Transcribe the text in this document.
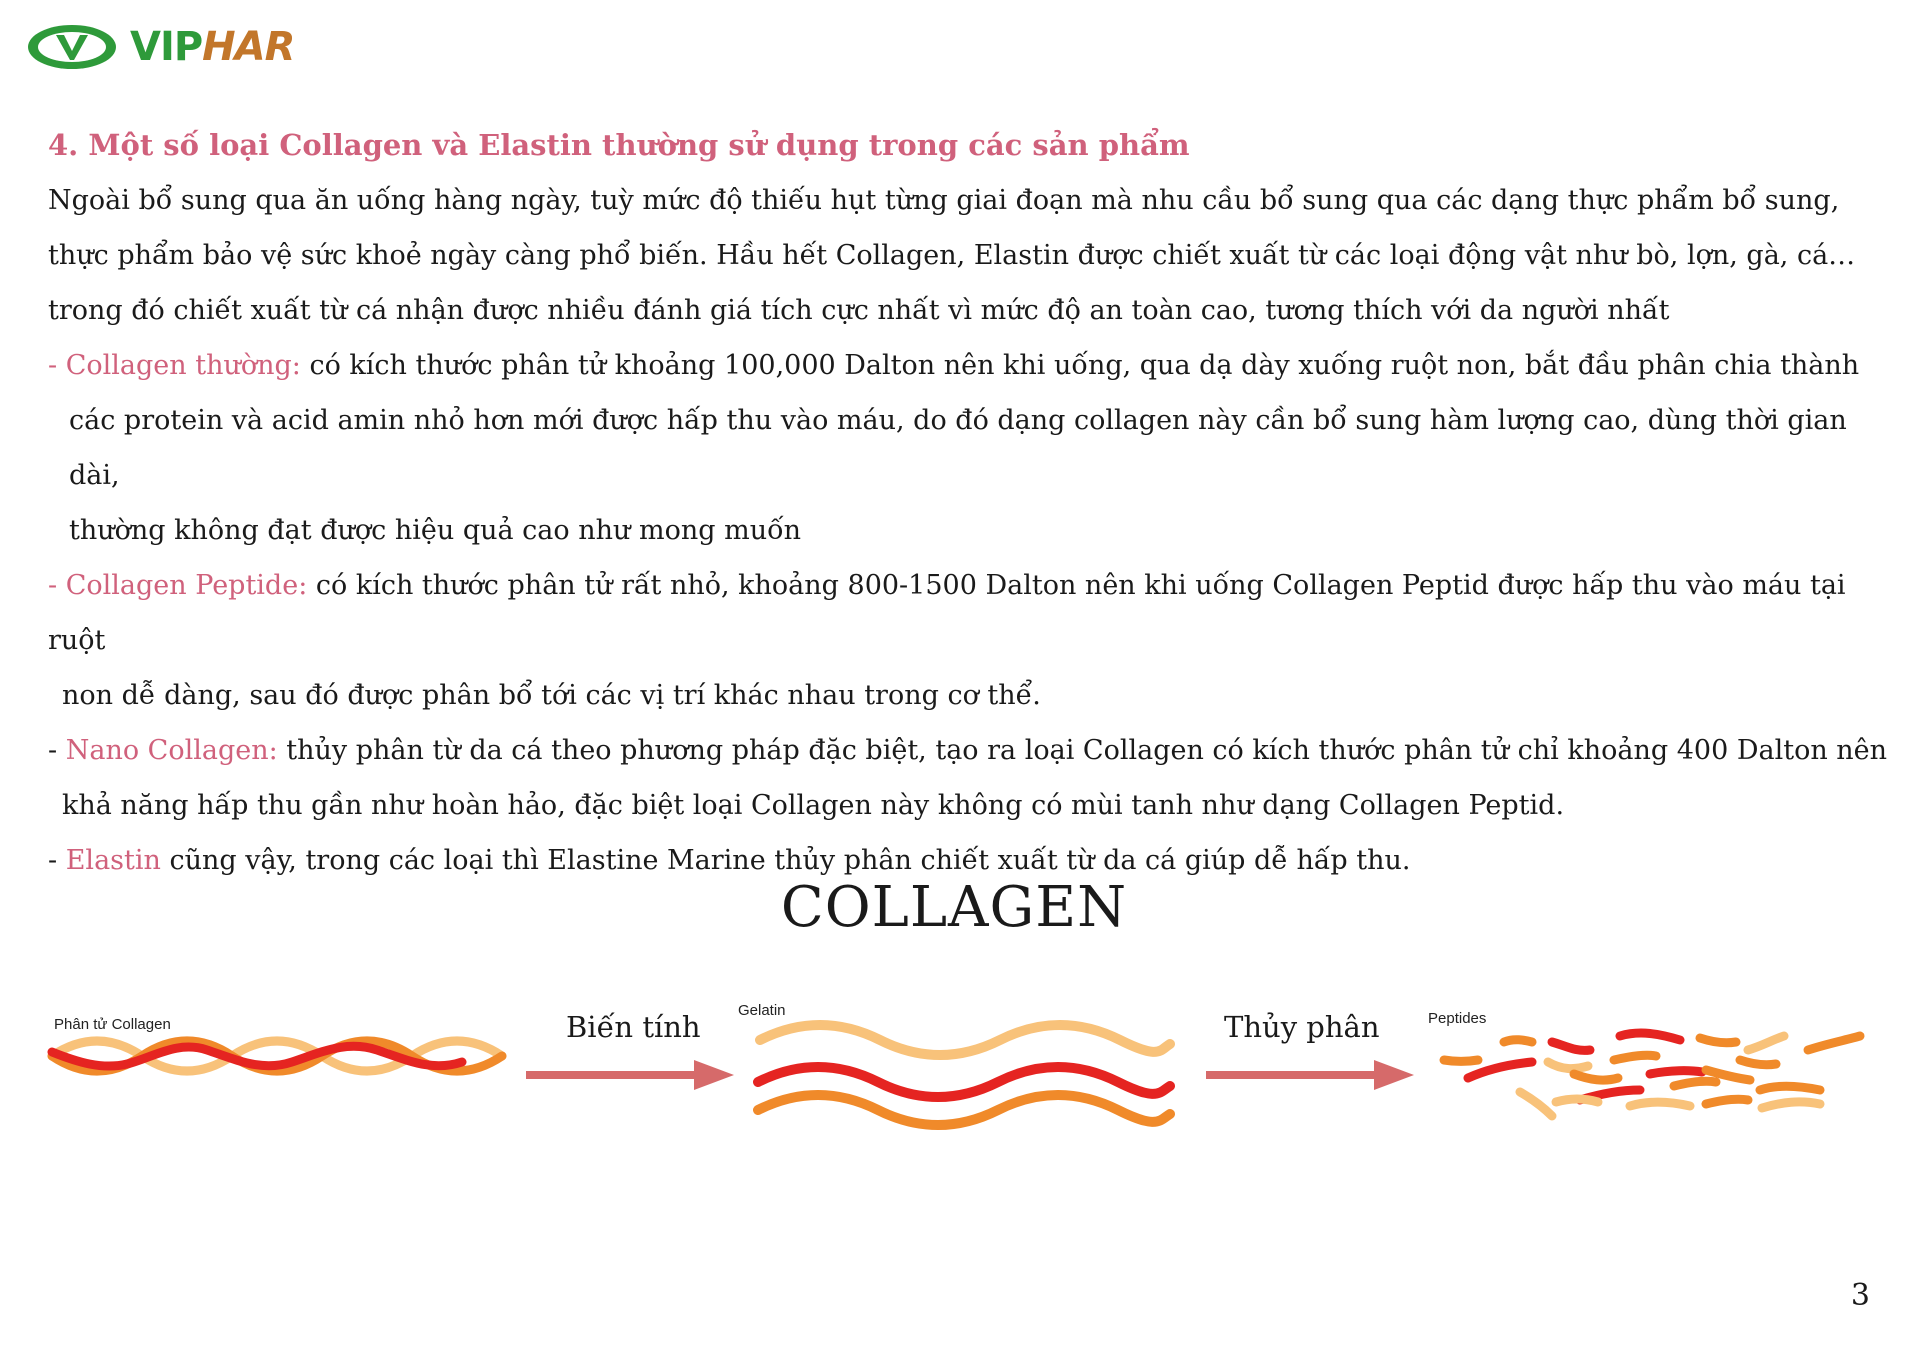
VIPHAR

4. Một số loại Collagen và Elastin thường sử dụng trong các sản phẩm

Ngoài bổ sung qua ăn uống hàng ngày, tuỳ mức độ thiếu hụt từng giai đoạn mà nhu cầu bổ sung qua các dạng thực phẩm bổ sung,

thực phẩm bảo vệ sức khoẻ ngày càng phổ biến. Hầu hết Collagen, Elastin được chiết xuất từ các loại động vật như bò, lợn, gà, cá…

trong đó chiết xuất từ cá nhận được nhiều đánh giá tích cực nhất vì mức độ an toàn cao, tương thích với da người nhất

- Collagen thường: có kích thước phân tử khoảng 100,000 Dalton nên khi uống, qua dạ dày xuống ruột non, bắt đầu phân chia thành

các protein và acid amin nhỏ hơn mới được hấp thu vào máu, do đó dạng collagen này cần bổ sung hàm lượng cao, dùng thời gian dài,

thường không đạt được hiệu quả cao như mong muốn

- Collagen Peptide: có kích thước phân tử rất nhỏ, khoảng 800-1500 Dalton nên khi uống Collagen Peptid được hấp thu vào máu tại ruột

non dễ dàng, sau đó được phân bổ tới các vị trí khác nhau trong cơ thể.

- Nano Collagen: thủy phân từ da cá theo phương pháp đặc biệt, tạo ra loại Collagen có kích thước phân tử chỉ khoảng 400 Dalton nên

khả năng hấp thu gần như hoàn hảo, đặc biệt loại Collagen này không có mùi tanh như dạng Collagen Peptid.

- Elastin cũng vậy, trong các loại thì Elastine Marine thủy phân chiết xuất từ da cá giúp dễ hấp thu.

COLLAGEN
Phân tử Collagen	Biến tính Gelatin	Thủy phân	Peptides
3
